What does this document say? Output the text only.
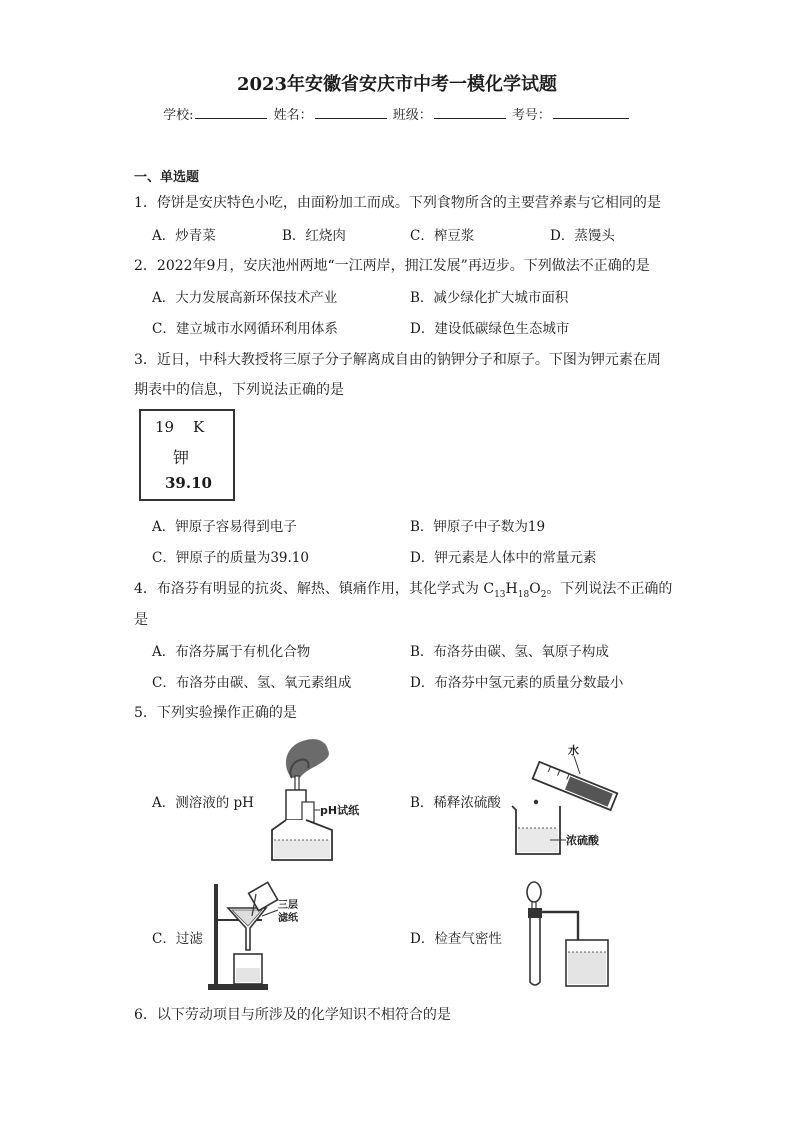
2023年安徽省安庆市中考一模化学试题
学校:	姓名：	班级：	考号：
一、单选题
1．侉饼是安庆特色小吃，由面粉加工而成。下列食物所含的主要营养素与它相同的是
A．炒青菜	B．红烧肉	C．榨豆浆	D．蒸馒头
2．2022年9月，安庆池州两地“一江两岸，拥江发展”再迈步。下列做法不正确的是
A．大力发展高新环保技术产业	B．减少绿化扩大城市面积
C．建立城市水网循环利用体系	D．建设低碳绿色生态城市
3．近日，中科大教授将三原子分子解离成自由的钠钾分子和原子。下图为钾元素在周
期表中的信息，下列说法正确的是
19 K
钾
39.10
A．钾原子容易得到电子	B．钾原子中子数为19
C．钾原子的质量为39.10	D．钾元素是人体中的常量元素
4．布洛芬有明显的抗炎、解热、镇痛作用，其化学式为 $C_{13}H_{18}O_2$。下列说法不正确的
是
A．布洛芬属于有机化合物	B．布洛芬由碳、氢、氧原子构成
C．布洛芬由碳、氢、氧元素组成	D．布洛芬中氢元素的质量分数最小
5．下列实验操作正确的是
A．测溶液的 pH	B．稀释浓硫酸
C．过滤	D．检查气密性
pH试纸
水
浓硫酸
三层
滤纸
6．以下劳动项目与所涉及的化学知识不相符合的是
